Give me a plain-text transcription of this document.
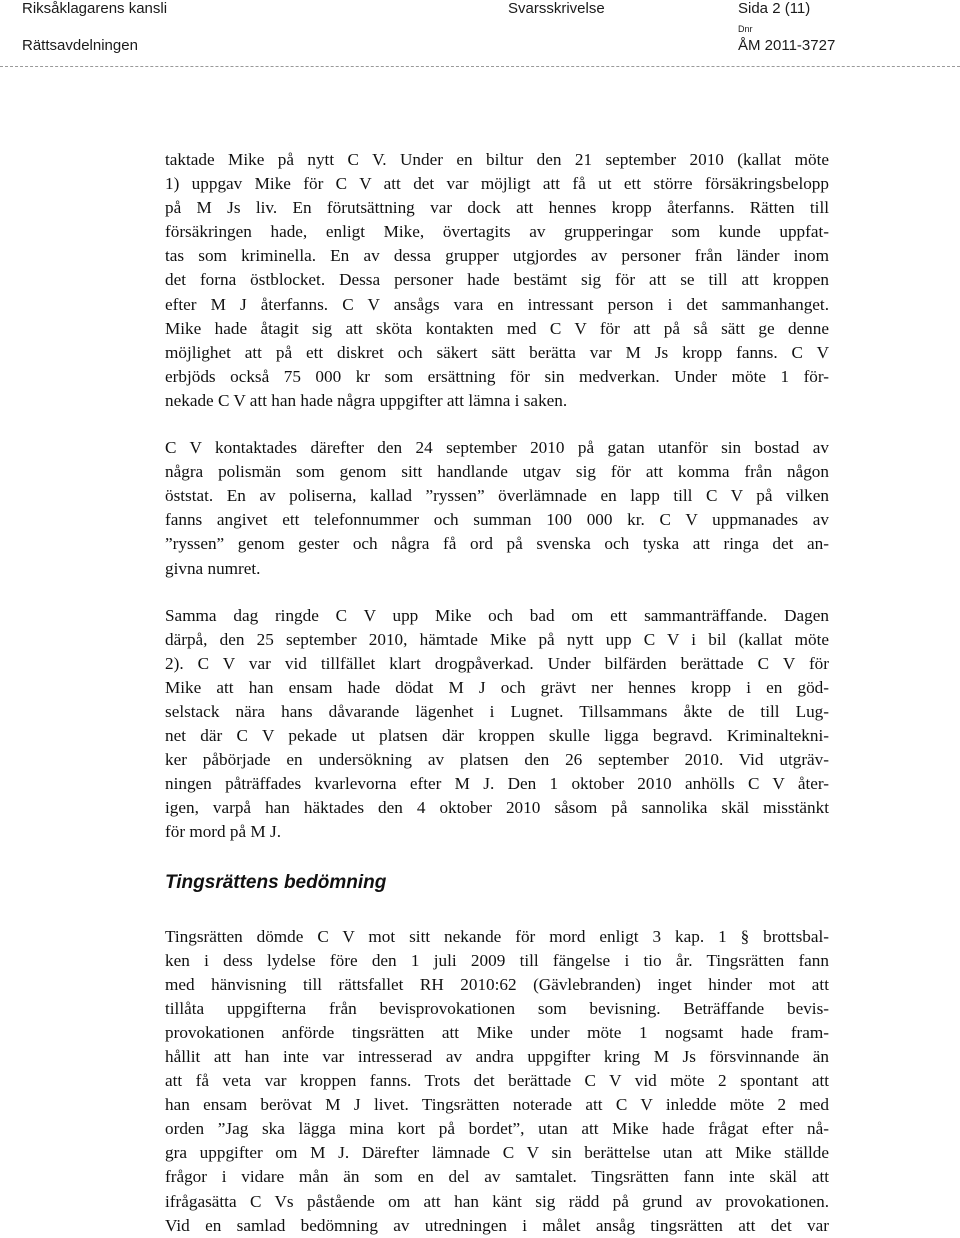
Riksåklagarens kansli
Rättsavdelningen
Svarsskrivelse	Sida 2 (11)
Dnr
ÅM 2011-3727

taktade Mike på nytt C V. Under en biltur den 21 september 2010 (kallat möte
1) uppgav Mike för C V att det var möjligt att få ut ett större försäkringsbelopp
på M Js liv. En förutsättning var dock att hennes kropp återfanns. Rätten till
försäkringen hade, enligt Mike, övertagits av grupperingar som kunde uppfat-
tas som kriminella. En av dessa grupper utgjordes av personer från länder inom
det forna östblocket. Dessa personer hade bestämt sig för att se till att kroppen
efter M J återfanns. C V ansågs vara en intressant person i det sammanhanget.
Mike hade åtagit sig att sköta kontakten med C V för att på så sätt ge denne
möjlighet att på ett diskret och säkert sätt berätta var M Js kropp fanns. C V
erbjöds också 75 000 kr som ersättning för sin medverkan. Under möte 1 för-
nekade C V att han hade några uppgifter att lämna i saken.

C V kontaktades därefter den 24 september 2010 på gatan utanför sin bostad av
några polismän som genom sitt handlande utgav sig för att komma från någon
öststat. En av poliserna, kallad ”ryssen” överlämnade en lapp till C V på vilken
fanns angivet ett telefonnummer och summan 100 000 kr. C V uppmanades av
”ryssen” genom gester och några få ord på svenska och tyska att ringa det an-
givna numret.

Samma dag ringde C V upp Mike och bad om ett sammanträffande. Dagen
därpå, den 25 september 2010, hämtade Mike på nytt upp C V i bil (kallat möte
2). C V var vid tillfället klart drogpåverkad. Under bilfärden berättade C V för
Mike att han ensam hade dödat M J och grävt ner hennes kropp i en göd-
selstack nära hans dåvarande lägenhet i Lugnet. Tillsammans åkte de till Lug-
net där C V pekade ut platsen där kroppen skulle ligga begravd. Kriminaltekni-
ker påbörjade en undersökning av platsen den 26 september 2010. Vid utgräv-
ningen påträffades kvarlevorna efter M J. Den 1 oktober 2010 anhölls C V åter-
igen, varpå han häktades den 4 oktober 2010 såsom på sannolika skäl misstänkt
för mord på M J.

Tingsrättens bedömning

Tingsrätten dömde C V mot sitt nekande för mord enligt 3 kap. 1 § brottsbal-
ken i dess lydelse före den 1 juli 2009 till fängelse i tio år. Tingsrätten fann
med hänvisning till rättsfallet RH 2010:62 (Gävlebranden) inget hinder mot att
tillåta uppgifterna från bevisprovokationen som bevisning. Beträffande bevis-
provokationen anförde tingsrätten att Mike under möte 1 nogsamt hade fram-
hållit att han inte var intresserad av andra uppgifter kring M Js försvinnande än
att få veta var kroppen fanns. Trots det berättade C V vid möte 2 spontant att
han ensam berövat M J livet. Tingsrätten noterade att C V inledde möte 2 med
orden ”Jag ska lägga mina kort på bordet”, utan att Mike hade frågat efter nå-
gra uppgifter om M J. Därefter lämnade C V sin berättelse utan att Mike ställde
frågor i vidare mån än som en del av samtalet. Tingsrätten fann inte skäl att
ifrågasätta C Vs påstående om att han känt sig rädd på grund av provokationen.
Vid en samlad bedömning av utredningen i målet ansåg tingsrätten att det var
